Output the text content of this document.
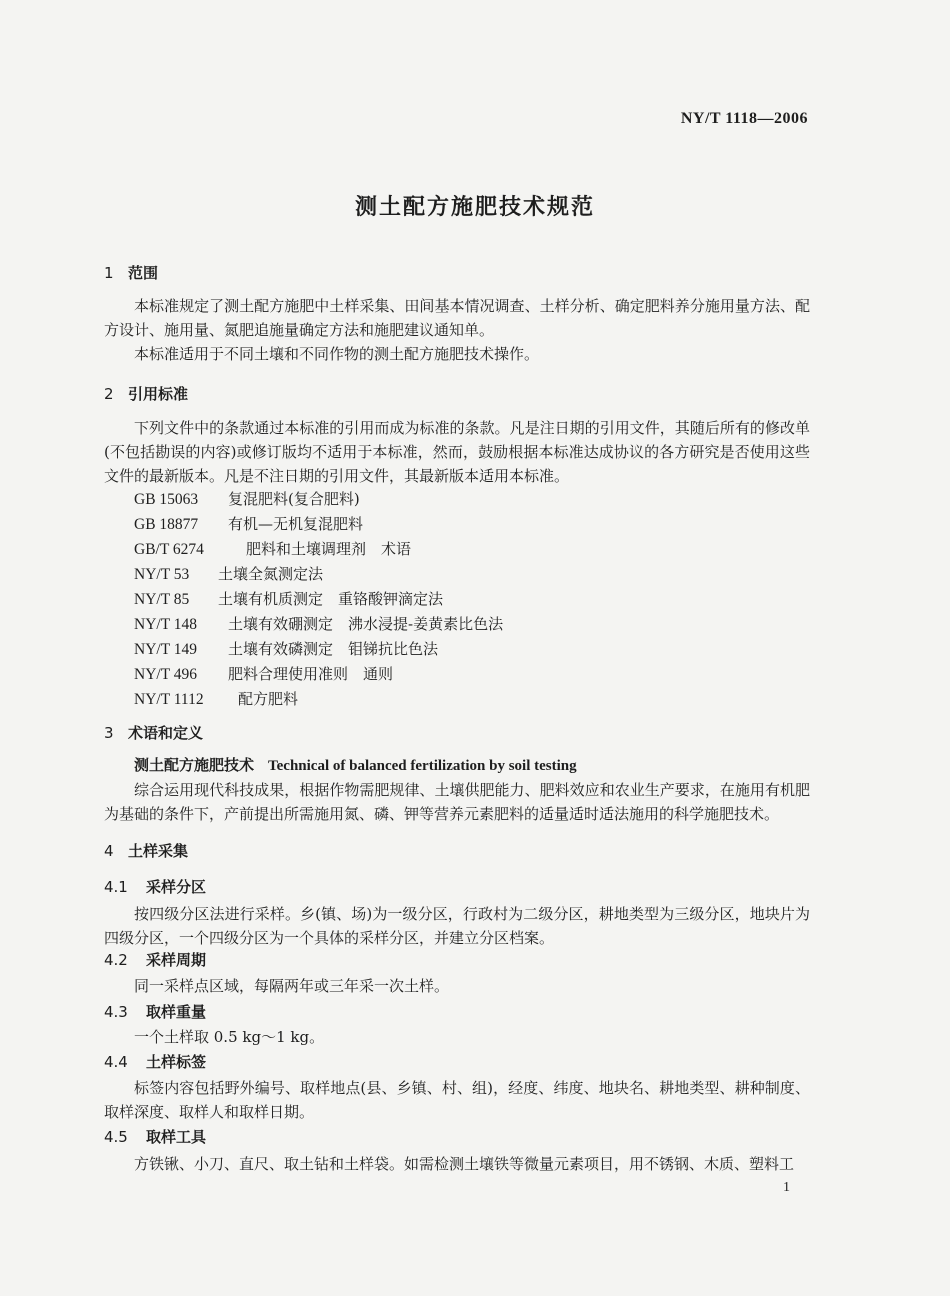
NY/T 1118—2006
测土配方施肥技术规范
1 范围
本标准规定了测土配方施肥中土样采集、田间基本情况调查、土样分析、确定肥料养分施用量方法、配方设计、施用量、氮肥追施量确定方法和施肥建议通知单。
本标准适用于不同土壤和不同作物的测土配方施肥技术操作。
2 引用标准
下列文件中的条款通过本标准的引用而成为标准的条款。凡是注日期的引用文件，其随后所有的修改单(不包括勘误的内容)或修订版均不适用于本标准，然而，鼓励根据本标准达成协议的各方研究是否使用这些文件的最新版本。凡是不注日期的引用文件，其最新版本适用本标准。
GB 15063 复混肥料(复合肥料)
GB 18877 有机—无机复混肥料
GB/T 6274	肥料和土壤调理剂　术语
NY/T 53 土壤全氮测定法
NY/T 85 土壤有机质测定　重铬酸钾滴定法
NY/T 148 土壤有效硼测定　沸水浸提-姜黄素比色法
NY/T 149 土壤有效磷测定　钼锑抗比色法
NY/T 496 肥料合理使用准则　通则
NY/T 1112 配方肥料
3 术语和定义
测土配方施肥技术 Technical of balanced fertilization by soil testing
综合运用现代科技成果，根据作物需肥规律、土壤供肥能力、肥料效应和农业生产要求，在施用有机肥为基础的条件下，产前提出所需施用氮、磷、钾等营养元素肥料的适量适时适法施用的科学施肥技术。
4 土样采集
4.1 采样分区
按四级分区法进行采样。乡(镇、场)为一级分区，行政村为二级分区，耕地类型为三级分区，地块片为四级分区，一个四级分区为一个具体的采样分区，并建立分区档案。
4.2 采样周期
同一采样点区域，每隔两年或三年采一次土样。
4.3 取样重量
一个土样取 0.5 kg～1 kg。
4.4 土样标签
标签内容包括野外编号、取样地点(县、乡镇、村、组)，经度、纬度、地块名、耕地类型、耕种制度、取样深度、取样人和取样日期。
4.5 取样工具
方铁锹、小刀、直尺、取土钻和土样袋。如需检测土壤铁等微量元素项目，用不锈钢、木质、塑料工
1
